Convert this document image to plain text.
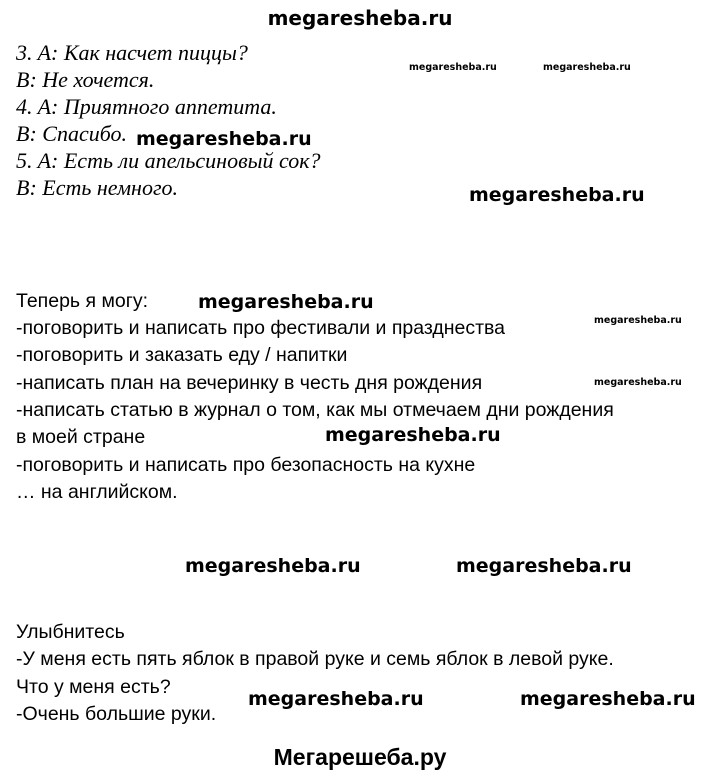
megaresheba.ru
3. A: Как насчет пиццы?
B: Не хочется.
4. A: Приятного аппетита.
B: Спасибо.
5. A: Есть ли апельсиновый сок?
B: Есть немного.
Теперь я могу:
-поговорить и написать про фестивали и празднества
-поговорить и заказать еду / напитки
-написать план на вечеринку в честь дня рождения
-написать статью в журнал о том, как мы отмечаем дни рождения
в моей стране
-поговорить и написать про безопасность на кухне
… на английском.
Улыбнитесь
-У меня есть пять яблок в правой руке и семь яблок в левой руке.
Что у меня есть?
-Очень большие руки.
megaresheba.ru	megaresheba.ru
megaresheba.ru
megaresheba.ru
megaresheba.ru
megaresheba.ru
megaresheba.ru
megaresheba.ru
megaresheba.ru	megaresheba.ru
megaresheba.ru	megaresheba.ru
Мегарешеба.ру
